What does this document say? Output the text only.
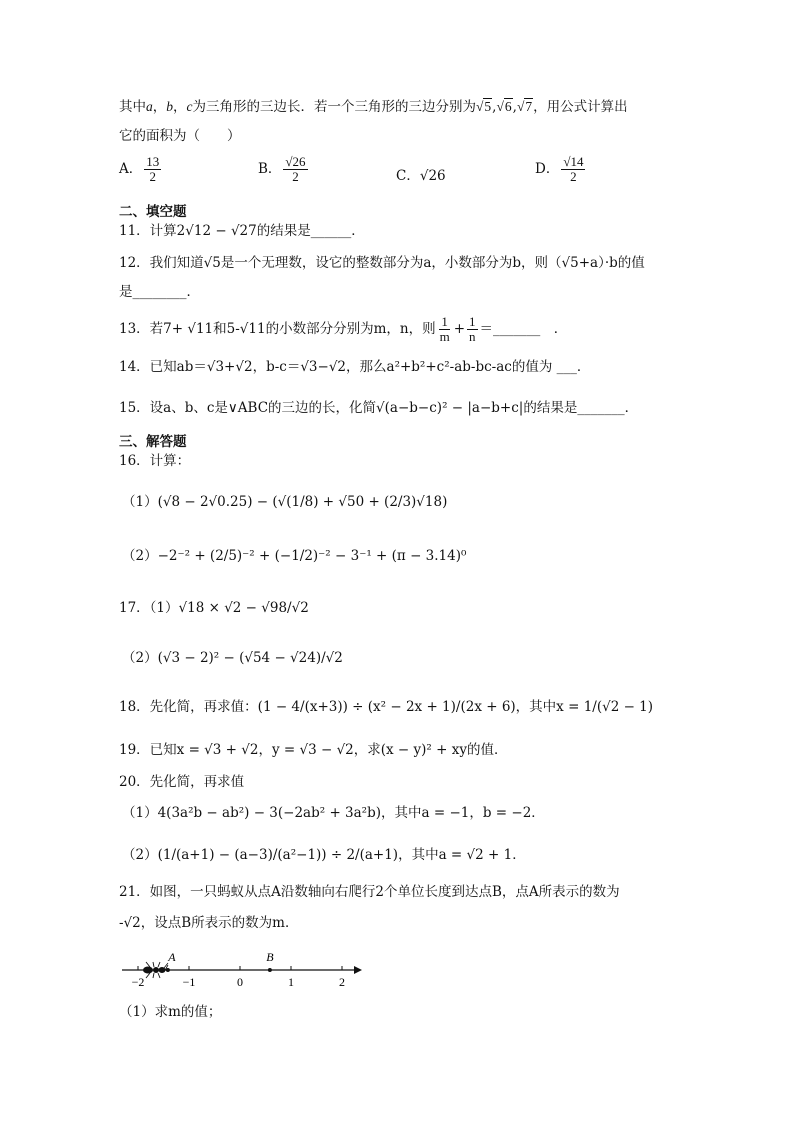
其中a，b，c为三角形的三边长．若一个三角形的三边分别为√5,√6,√7，用公式计算出
它的面积为（　　）
A． $\frac{13}{2}$	B． $\frac{√26}{2}$	C．√26	D． $\frac{√14}{2}$
二、填空题
11．计算2√12 − √27的结果是______．
12．我们知道√5是一个无理数，设它的整数部分为a，小数部分为b，则（√5+a）·b的值
是________．
13．若7+ √11和5-√11的小数部分分别为m，n，则 $\frac{1}{m} + \frac{1}{n}$ ＝_______　．
14．已知ab＝√3+√2，b-c＝√3−√2，那么a²+b²+c²-ab-bc-ac的值为 ___．
15．设a、b、c是∨ABC的三边的长，化简√(a−b−c)² − |a−b+c|的结果是_______．
三、解答题
16．计算：
（1）(√8 − 2√0.25) − (√(1/8) + √50 + (2/3)√18)
（2）−2⁻² + (2/5)⁻² + (−1/2)⁻² − 3⁻¹ + (π − 3.14)⁰
17．（1）√18 × √2 − √98/√2
（2）(√3 − 2)² − (√54 − √24)/√2
18．先化简，再求值：(1 − 4/(x+3)) ÷ (x² − 2x + 1)/(2x + 6)，其中x = 1/(√2 − 1)
19．已知x = √3 + √2，y = √3 − √2，求(x − y)² + xy的值．
20．先化简，再求值
（1）4(3a²b − ab²) − 3(−2ab² + 3a²b)，其中a = −1，b = −2．
（2）(1/(a+1) − (a−3)/(a²−1)) ÷ 2/(a+1)，其中a = √2 + 1．
21．如图，一只蚂蚁从点A沿数轴向右爬行2个单位长度到达点B，点A所表示的数为
-√2，设点B所表示的数为m．
−2	−1	0	1	2
A	B
（1）求m的值；
